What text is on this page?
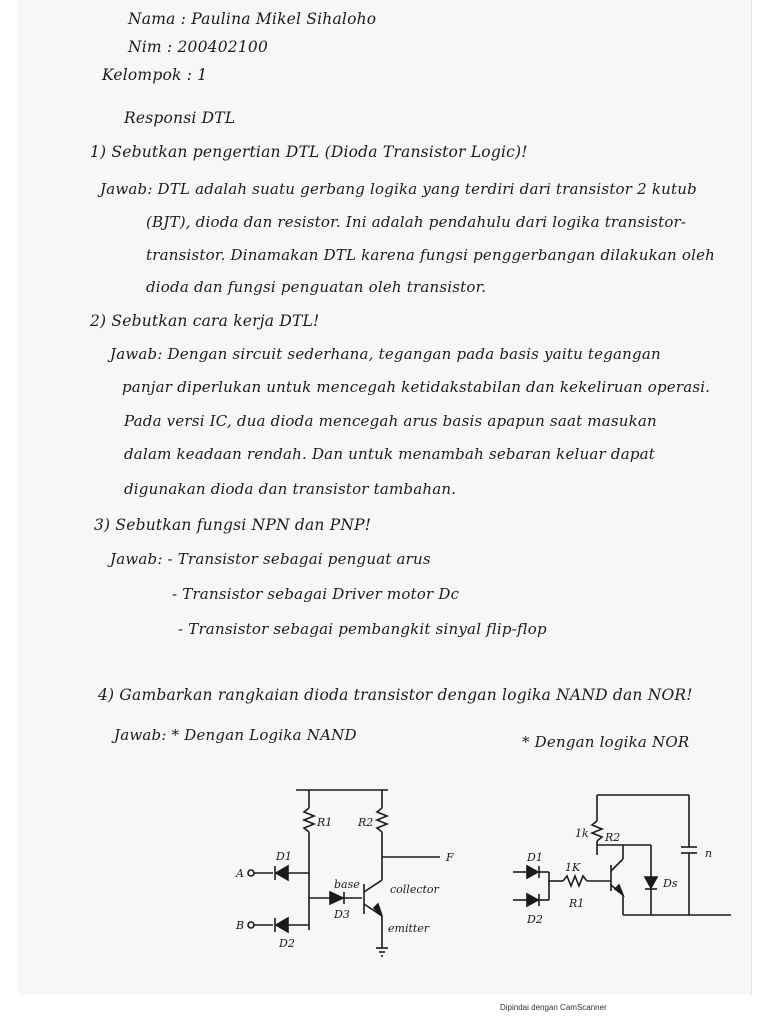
Nama : Paulina Mikel Sihaloho
Nim : 200402100
Kelompok : 1
Responsi DTL
1) Sebutkan pengertian DTL (Dioda Transistor Logic)!
Jawab: DTL adalah suatu gerbang logika yang terdiri dari transistor 2 kutub
(BJT), dioda dan resistor. Ini adalah pendahulu dari logika transistor-
transistor. Dinamakan DTL karena fungsi penggerbangan dilakukan oleh
dioda dan fungsi penguatan oleh transistor.
2) Sebutkan cara kerja DTL!
Jawab: Dengan sircuit sederhana, tegangan pada basis yaitu tegangan
panjar diperlukan untuk mencegah ketidakstabilan dan kekeliruan operasi.
Pada versi IC, dua dioda mencegah arus basis apapun saat masukan
dalam keadaan rendah. Dan untuk menambah sebaran keluar dapat
digunakan dioda dan transistor tambahan.
3) Sebutkan fungsi NPN dan PNP!
Jawab: - Transistor sebagai penguat arus
- Transistor sebagai Driver motor Dc
- Transistor sebagai pembangkit sinyal flip-flop
4) Gambarkan rangkaian dioda transistor dengan logika NAND dan NOR!
Jawab: * Dengan Logika NAND	* Dengan logika NOR
R1 R2
D1
D2
D3
A
B
F
base	collector
emitter
1k R2
1K
R1
D1
D2
Ds
n
Dipindai dengan CamScanner
